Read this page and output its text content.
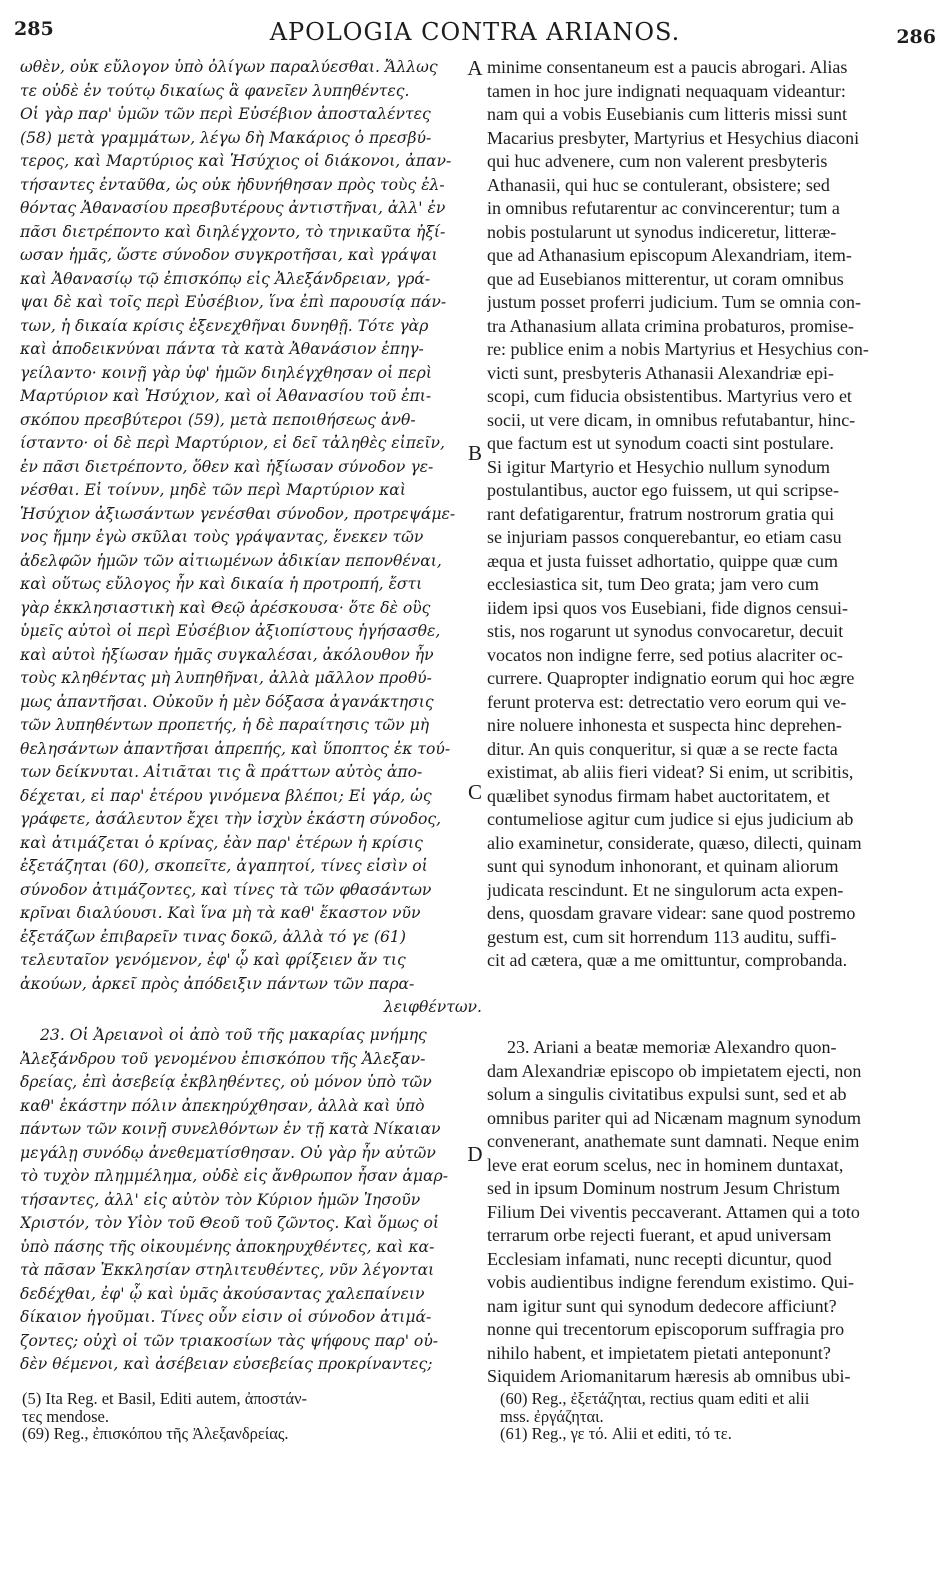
285	APOLOGIA CONTRA ARIANOS.	286
ωθὲν, οὐκ εὔλογον ὑπὸ ὀλίγων παραλύεσθαι. Ἄλλως
τε οὐδὲ ἐν τούτῳ δικαίως ἃ φανεῖεν λυπηθέντες.
Οἱ γὰρ παρ' ὑμῶν τῶν περὶ Εὐσέβιον ἀποσταλέντες
(58) μετὰ γραμμάτων, λέγω δὴ Μακάριος ὁ πρεσβύ-
τερος, καὶ Μαρτύριος καὶ Ἡσύχιος οἱ διάκονοι, ἀπαν-
τήσαντες ἐνταῦθα, ὡς οὐκ ἠδυνήθησαν πρὸς τοὺς ἐλ-
θόντας Ἀθανασίου πρεσβυτέρους ἀντιστῆναι, ἀλλ' ἐν
πᾶσι διετρέποντο καὶ διηλέγχοντο, τὸ τηνικαῦτα ἠξί-
ωσαν ἡμᾶς, ὥστε σύνοδον συγκροτῆσαι, καὶ γράψαι
καὶ Ἀθανασίῳ τῷ ἐπισκόπῳ εἰς Ἀλεξάνδρειαν, γρά-
ψαι δὲ καὶ τοῖς περὶ Εὐσέβιον, ἵνα ἐπὶ παρουσίᾳ πάν-
των, ἡ δικαία κρίσις ἐξενεχθῆναι δυνηθῇ. Τότε γὰρ
καὶ ἀποδεικνύναι πάντα τὰ κατὰ Ἀθανάσιον ἐπηγ-
γείλαντο· κοινῇ γὰρ ὑφ' ἡμῶν διηλέγχθησαν οἱ περὶ
Μαρτύριον καὶ Ἡσύχιον, καὶ οἱ Ἀθανασίου τοῦ ἐπι-
σκόπου πρεσβύτεροι (59), μετὰ πεποιθήσεως ἀνθ-
ίσταντο· οἱ δὲ περὶ Μαρτύριον, εἰ δεῖ τἀληθὲς εἰπεῖν,
ἐν πᾶσι διετρέποντο, ὅθεν καὶ ἠξίωσαν σύνοδον γε-
νέσθαι. Εἰ τοίνυν, μηδὲ τῶν περὶ Μαρτύριον καὶ
Ἡσύχιον ἀξιωσάντων γενέσθαι σύνοδον, προτρεψάμε-
νος ἤμην ἐγὼ σκῦλαι τοὺς γράψαντας, ἕνεκεν τῶν
ἀδελφῶν ἡμῶν τῶν αἰτιωμένων ἀδικίαν πεπονθέναι,
καὶ οὕτως εὔλογος ἦν καὶ δικαία ἡ προτροπή, ἔστι
γὰρ ἐκκλησιαστικὴ καὶ Θεῷ ἀρέσκουσα· ὅτε δὲ οὓς
ὑμεῖς αὐτοὶ οἱ περὶ Εὐσέβιον ἀξιοπίστους ἡγήσασθε,
καὶ αὐτοὶ ἠξίωσαν ἡμᾶς συγκαλέσαι, ἀκόλουθον ἦν
τοὺς κληθέντας μὴ λυπηθῆναι, ἀλλὰ μᾶλλον προθύ-
μως ἀπαντῆσαι. Οὐκοῦν ἡ μὲν δόξασα ἀγανάκτησις
τῶν λυπηθέντων προπετής, ἡ δὲ παραίτησις τῶν μὴ
θελησάντων ἀπαντῆσαι ἀπρεπής, καὶ ὕποπτος ἐκ τού-
των δείκνυται. Αἰτιᾶται τις ἃ πράττων αὐτὸς ἀπο-
δέχεται, εἰ παρ' ἑτέρου γινόμενα βλέποι; Εἰ γάρ, ὡς
γράφετε, ἀσάλευτον ἔχει τὴν ἰσχὺν ἑκάστη σύνοδος,
καὶ ἀτιμάζεται ὁ κρίνας, ἐὰν παρ' ἑτέρων ἡ κρίσις
ἐξετάζηται (60), σκοπεῖτε, ἀγαπητοί, τίνες εἰσὶν οἱ
σύνοδον ἀτιμάζοντες, καὶ τίνες τὰ τῶν φθασάντων
κρῖναι διαλύουσι. Καὶ ἵνα μὴ τὰ καθ' ἕκαστον νῦν
ἐξετάζων ἐπιβαρεῖν τινας δοκῶ, ἀλλὰ τό γε (61)
τελευταῖον γενόμενον, ἐφ' ᾧ καὶ φρίξειεν ἄν τις
ἀκούων, ἀρκεῖ πρὸς ἀπόδειξιν πάντων τῶν παρα-
λειφθέντων.
23. Οἱ Ἀρειανοὶ οἱ ἀπὸ τοῦ τῆς μακαρίας μνήμης
Ἀλεξάνδρου τοῦ γενομένου ἐπισκόπου τῆς Ἀλεξαν-
δρείας, ἐπὶ ἀσεβείᾳ ἐκβληθέντες, οὐ μόνον ὑπὸ τῶν
καθ' ἑκάστην πόλιν ἀπεκηρύχθησαν, ἀλλὰ καὶ ὑπὸ
πάντων τῶν κοινῇ συνελθόντων ἐν τῇ κατὰ Νίκαιαν
μεγάλῃ συνόδῳ ἀνεθεματίσθησαν. Οὐ γὰρ ἦν αὐτῶν
τὸ τυχὸν πλημμέλημα, οὐδὲ εἰς ἄνθρωπον ἦσαν ἁμαρ-
τήσαντες, ἀλλ' εἰς αὐτὸν τὸν Κύριον ἡμῶν Ἰησοῦν
Χριστόν, τὸν Υἱὸν τοῦ Θεοῦ τοῦ ζῶντος. Καὶ ὅμως οἱ
ὑπὸ πάσης τῆς οἰκουμένης ἀποκηρυχθέντες, καὶ κα-
τὰ πᾶσαν Ἐκκλησίαν στηλιτευθέντες, νῦν λέγονται
δεδέχθαι, ἐφ' ᾧ καὶ ὑμᾶς ἀκούσαντας χαλεπαίνειν
δίκαιον ἡγοῦμαι. Τίνες οὖν εἰσιν οἱ σύνοδον ἀτιμά-
ζοντες; οὐχὶ οἱ τῶν τριακοσίων τὰς ψήφους παρ' οὐ-
δὲν θέμενοι, καὶ ἀσέβειαν εὐσεβείας προκρίναντες;
minime consentaneum est a paucis abrogari. Alias
tamen in hoc jure indignati nequaquam videantur:
nam qui a vobis Eusebianis cum litteris missi sunt
Macarius presbyter, Martyrius et Hesychius diaconi
qui huc advenere, cum non valerent presbyteris
Athanasii, qui huc se contulerant, obsistere; sed
in omnibus refutarentur ac convincerentur; tum a
nobis postularunt ut synodus indiceretur, litteræ-
que ad Athanasium episcopum Alexandriam, item-
que ad Eusebianos mitterentur, ut coram omnibus
justum posset proferri judicium. Tum se omnia con-
tra Athanasium allata crimina probaturos, promise-
re: publice enim a nobis Martyrius et Hesychius con-
victi sunt, presbyteris Athanasii Alexandriæ epi-
scopi, cum fiducia obsistentibus. Martyrius vero et
socii, ut vere dicam, in omnibus refutabantur, hinc-
que factum est ut synodum coacti sint postulare.
Si igitur Martyrio et Hesychio nullum synodum
postulantibus, auctor ego fuissem, ut qui scripse-
rant defatigarentur, fratrum nostrorum gratia qui
se injuriam passos conquerebantur, eo etiam casu
æqua et justa fuisset adhortatio, quippe quæ cum
ecclesiastica sit, tum Deo grata; jam vero cum
iidem ipsi quos vos Eusebiani, fide dignos censui-
stis, nos rogarunt ut synodus convocaretur, decuit
vocatos non indigne ferre, sed potius alacriter oc-
currere. Quapropter indignatio eorum qui hoc ægre
ferunt proterva est: detrectatio vero eorum qui ve-
nire noluere inhonesta et suspecta hinc deprehen-
ditur. An quis conqueritur, si quæ a se recte facta
existimat, ab aliis fieri videat? Si enim, ut scribitis,
quælibet synodus firmam habet auctoritatem, et
contumeliose agitur cum judice si ejus judicium ab
alio examinetur, considerate, quæso, dilecti, quinam
sunt qui synodum inhonorant, et quinam aliorum
judicata rescindunt. Et ne singulorum acta expen-
dens, quosdam gravare videar: sane quod postremo
gestum est, cum sit horrendum 113 auditu, suffi-
cit ad cætera, quæ a me omittuntur, comprobanda.
23. Ariani a beatæ memoriæ Alexandro quon-
dam Alexandriæ episcopo ob impietatem ejecti, non
solum a singulis civitatibus expulsi sunt, sed et ab
omnibus pariter qui ad Nicænam magnum synodum
convenerant, anathemate sunt damnati. Neque enim
leve erat eorum scelus, nec in hominem duntaxat,
sed in ipsum Dominum nostrum Jesum Christum
Filium Dei viventis peccaverant. Attamen qui a toto
terrarum orbe rejecti fuerant, et apud universam
Ecclesiam infamati, nunc recepti dicuntur, quod
vobis audientibus indigne ferendum existimo. Qui-
nam igitur sunt qui synodum dedecore afficiunt?
nonne qui trecentorum episcoporum suffragia pro
nihilo habent, et impietatem pietati anteponunt?
Siquidem Ariomanitarum hæresis ab omnibus ubi-
A
B
C
D
(5) Ita Reg. et Basil, Editi autem, ἀποστάν-
τες mendose.
(69) Reg., ἐπισκόπου τῆς Ἀλεξανδρείας.
(60) Reg., ἐξετάζηται, rectius quam editi et alii
mss. ἐργάζηται.
(61) Reg., γε τό. Alii et editi, τό τε.
